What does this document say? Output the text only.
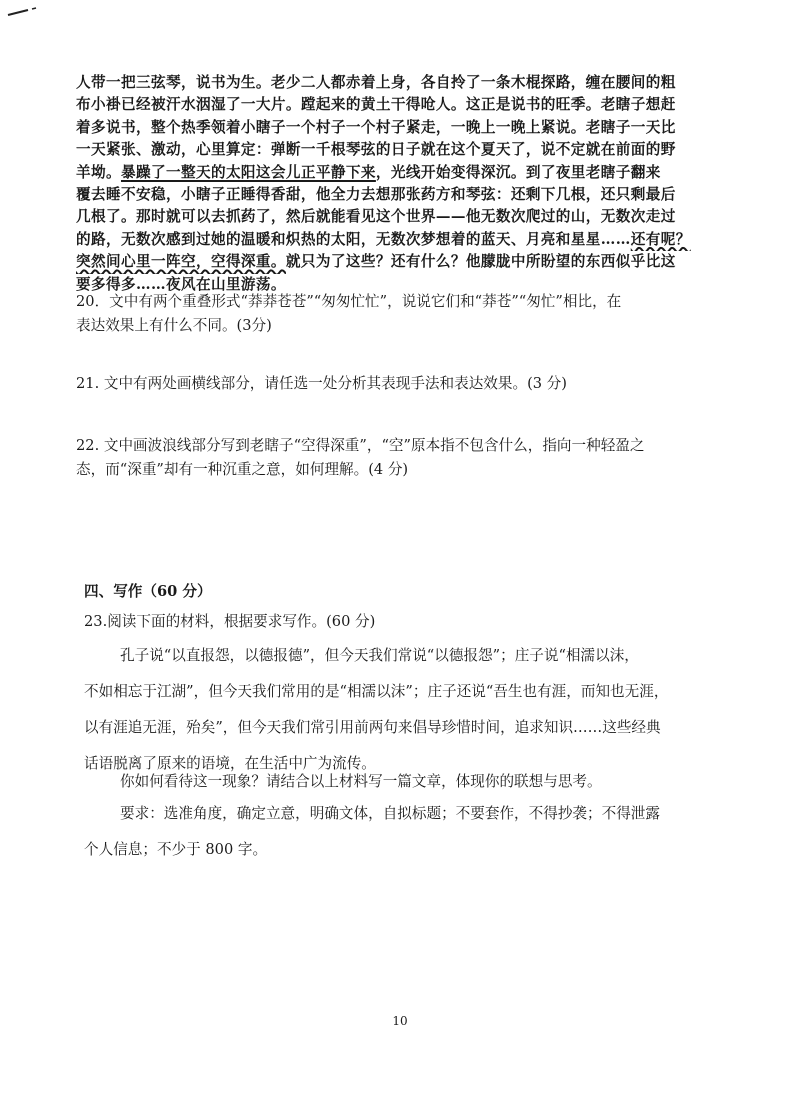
人带一把三弦琴，说书为生。老少二人都赤着上身，各自拎了一条木棍探路，缠在腰间的粗
布小褂已经被汗水洇湿了一大片。蹚起来的黄土干得呛人。这正是说书的旺季。老瞎子想赶
着多说书，整个热季领着小瞎子一个村子一个村子紧走，一晚上一晚上紧说。老瞎子一天比
一天紧张、激动，心里算定：弹断一千根琴弦的日子就在这个夏天了，说不定就在前面的野
羊坳。暴躁了一整天的太阳这会儿正平静下来，光线开始变得深沉。到了夜里老瞎子翻来
覆去睡不安稳，小瞎子正睡得香甜，他全力去想那张药方和琴弦：还剩下几根，还只剩最后
几根了。那时就可以去抓药了，然后就能看见这个世界——他无数次爬过的山，无数次走过
的路，无数次感到过她的温暖和炽热的太阳，无数次梦想着的蓝天、月亮和星星……还有呢？
突然间心里一阵空，空得深重。就只为了这些？还有什么？他朦胧中所盼望的东西似乎比这
要多得多……夜风在山里游荡。
20．文中有两个重叠形式“莽莽苍苍”“匆匆忙忙”，说说它们和“莽苍”“匆忙”相比，在
表达效果上有什么不同。(3分)
21. 文中有两处画横线部分，请任选一处分析其表现手法和表达效果。(3 分)
22. 文中画波浪线部分写到老瞎子“空得深重”，“空”原本指不包含什么，指向一种轻盈之
态，而“深重”却有一种沉重之意，如何理解。(4 分)
四、写作（60 分）
23.阅读下面的材料，根据要求写作。(60 分)
孔子说“以直报怨，以德报德”，但今天我们常说“以德报怨”；庄子说“相濡以沫，
不如相忘于江湖”，但今天我们常用的是“相濡以沫”；庄子还说“吾生也有涯，而知也无涯，
以有涯追无涯，殆矣”，但今天我们常引用前两句来倡导珍惜时间，追求知识……这些经典
话语脱离了原来的语境，在生活中广为流传。
你如何看待这一现象？请结合以上材料写一篇文章，体现你的联想与思考。
要求：选准角度，确定立意，明确文体，自拟标题；不要套作，不得抄袭；不得泄露
个人信息；不少于 800 字。
10
